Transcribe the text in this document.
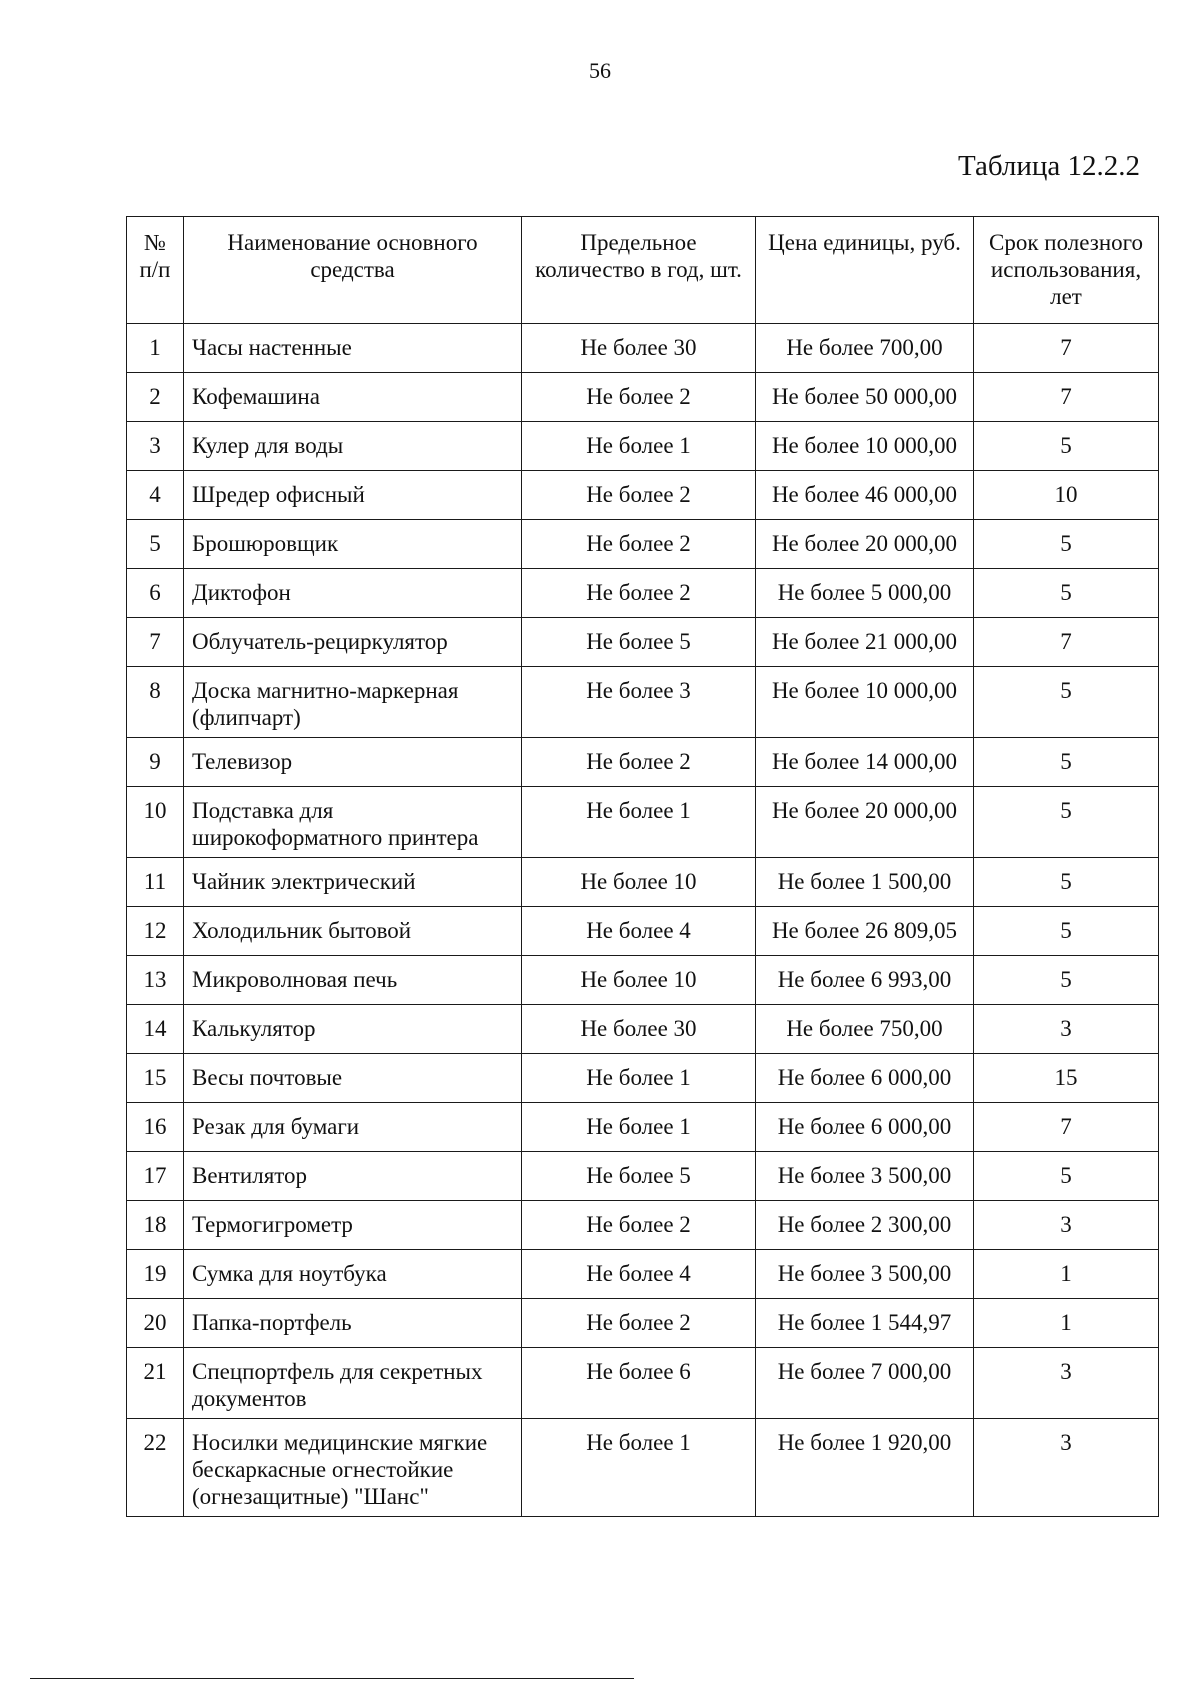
56
Таблица 12.2.2
№ п/п	Наименование основного средства	Предельное количество в год, шт.	Цена единицы, руб.	Срок полезного использования, лет
1	Часы настенные	Не более 30	Не более 700,00	7
2	Кофемашина	Не более 2	Не более 50 000,00	7
3	Кулер для воды	Не более 1	Не более 10 000,00	5
4	Шредер офисный	Не более 2	Не более 46 000,00	10
5	Брошюровщик	Не более 2	Не более 20 000,00	5
6	Диктофон	Не более 2	Не более 5 000,00	5
7	Облучатель-рециркулятор	Не более 5	Не более 21 000,00	7
8	Доска магнитно-маркерная (флипчарт)	Не более 3	Не более 10 000,00	5
9	Телевизор	Не более 2	Не более 14 000,00	5
10	Подставка для широкоформатного принтера	Не более 1	Не более 20 000,00	5
11	Чайник электрический	Не более 10	Не более 1 500,00	5
12	Холодильник бытовой	Не более 4	Не более 26 809,05	5
13	Микроволновая печь	Не более 10	Не более 6 993,00	5
14	Калькулятор	Не более 30	Не более 750,00	3
15	Весы почтовые	Не более 1	Не более 6 000,00	15
16	Резак для бумаги	Не более 1	Не более 6 000,00	7
17	Вентилятор	Не более 5	Не более 3 500,00	5
18	Термогигрометр	Не более 2	Не более 2 300,00	3
19	Сумка для ноутбука	Не более 4	Не более 3 500,00	1
20	Папка-портфель	Не более 2	Не более 1 544,97	1
21	Спецпортфель для секретных документов	Не более 6	Не более 7 000,00	3
22	Носилки медицинские мягкие бескаркасные огнестойкие (огнезащитные) "Шанс"	Не более 1	Не более 1 920,00	3
